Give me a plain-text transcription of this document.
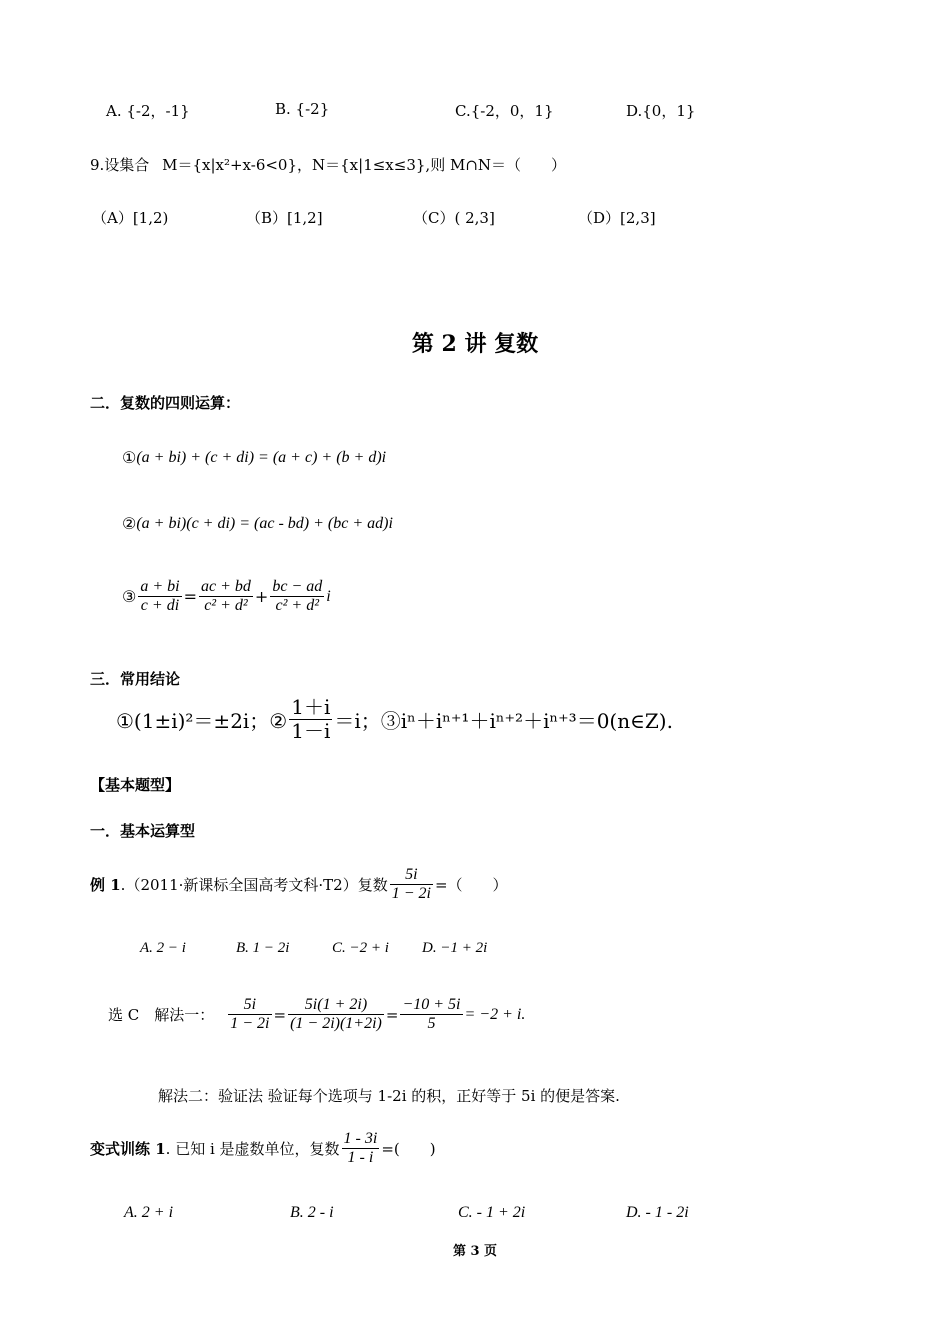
A. {-2，-1}	B. {-2}	C.{-2，0，1}	D.{0，1}
9.设集合 M＝{x|x²+x-6<0}，N＝{x|1≤x≤3},则 M∩N＝（　　）
（A）[1,2)	（B）[1,2]	（C）( 2,3]	（D）[2,3]
第 2 讲 复数
二．复数的四则运算：
① (a + bi) + (c + di) = (a + c) + (b + d)i
② (a + bi)(c + di) = (ac - bd) + (bc + ad)i
③ $\frac{a + bi}{c + di} = \frac{ac + bd}{\text{c² + d²}} + \frac{bc - ad}{\text{c² + d²}}$ i
三．常用结论
①(1±i)²＝±2i；② $\frac{1+i}{1-i} =i$；③iⁿ＋iⁿ⁺¹＋iⁿ⁺²＋iⁿ⁺³＝0(n∈Z).
【基本题型】
一．基本运算型
例 1 .（2011·新课标全国高考文科·T2）复数 $\frac{5i}{1 - 2i}$ =（　　）
A. 2 − i	B. 1 − 2i	C. −2 + i D. −1 + 2i
选 C　解法一： $\frac{5i}{1 - 2i} = \frac{5i(1 + 2i)}{(1 - 2i)(1+2i)} = \frac{-10 + 5i}{5} = -2 + i$.
解法二：验证法 验证每个选项与 1-2i 的积，正好等于 5i 的便是答案.
变式训练 1 . 已知 i 是虚数单位，复数 $\frac{1 - 3i}{1 - i}$ =(　　)
A. 2 + i	B. 2 - i	C. - 1 + 2i	D. - 1 - 2i
第 3 页
